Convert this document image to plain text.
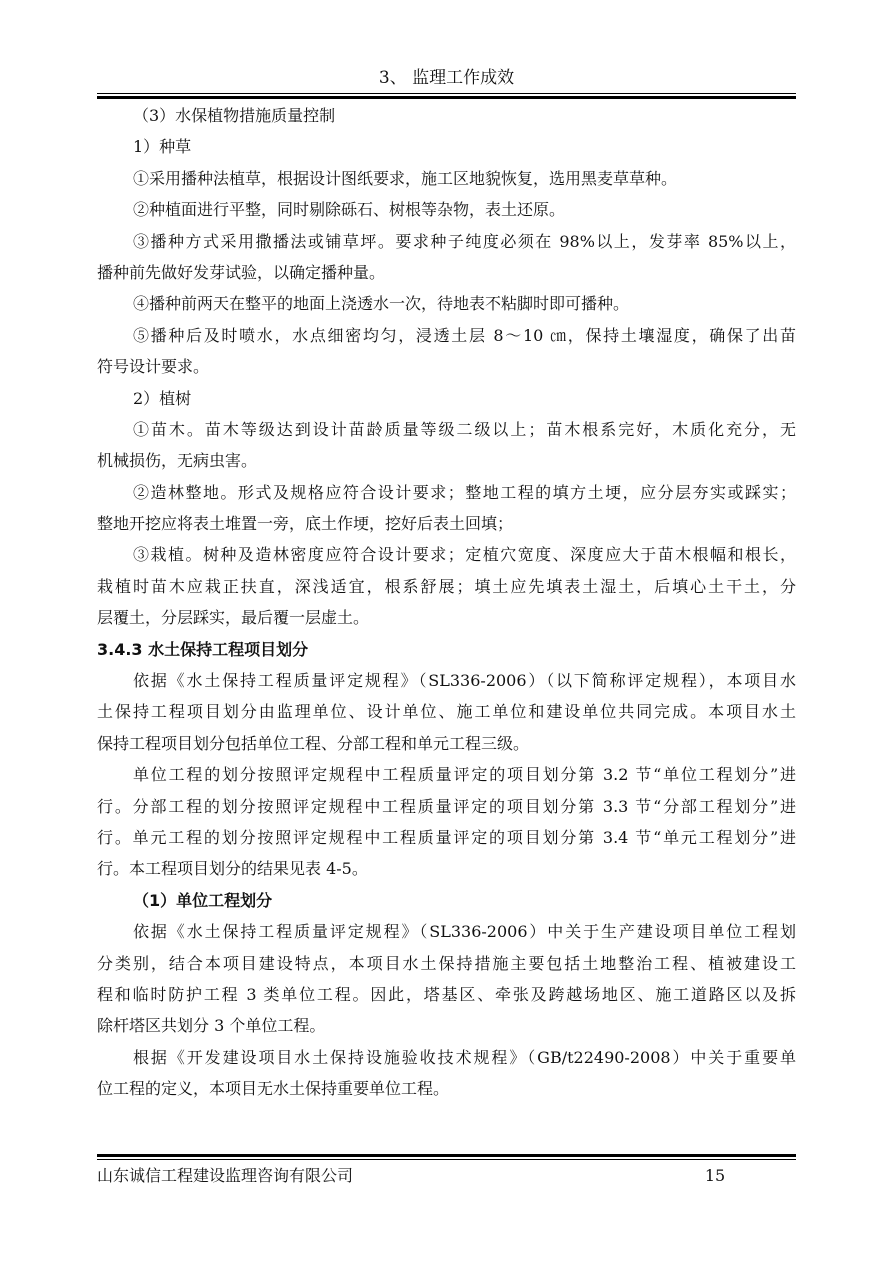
3、 监理工作成效
（3）水保植物措施质量控制
1）种草
①采用播种法植草，根据设计图纸要求，施工区地貌恢复，选用黑麦草草种。
②种植面进行平整，同时剔除砾石、树根等杂物，表土还原。
③播种方式采用撒播法或铺草坪。要求种子纯度必须在 98%以上，发芽率 85%以上，
播种前先做好发芽试验，以确定播种量。
④播种前两天在整平的地面上浇透水一次，待地表不粘脚时即可播种。
⑤播种后及时喷水，水点细密均匀，浸透土层 8～10 ㎝，保持土壤湿度，确保了出苗
符号设计要求。
2）植树
①苗木。苗木等级达到设计苗龄质量等级二级以上；苗木根系完好，木质化充分，无
机械损伤，无病虫害。
②造林整地。形式及规格应符合设计要求；整地工程的填方土埂，应分层夯实或踩实；
整地开挖应将表土堆置一旁，底土作埂，挖好后表土回填；
③栽植。树种及造林密度应符合设计要求；定植穴宽度、深度应大于苗木根幅和根长，
栽植时苗木应栽正扶直，深浅适宜，根系舒展；填土应先填表土湿土，后填心土干土，分
层覆土，分层踩实，最后覆一层虚土。
3.4.3 水土保持工程项目划分
依据《水土保持工程质量评定规程》（SL336-2006）（以下简称评定规程），本项目水
土保持工程项目划分由监理单位、设计单位、施工单位和建设单位共同完成。本项目水土
保持工程项目划分包括单位工程、分部工程和单元工程三级。
单位工程的划分按照评定规程中工程质量评定的项目划分第 3.2 节“单位工程划分”进
行。分部工程的划分按照评定规程中工程质量评定的项目划分第 3.3 节“分部工程划分”进
行。单元工程的划分按照评定规程中工程质量评定的项目划分第 3.4 节“单元工程划分”进
行。本工程项目划分的结果见表 4-5。
（1）单位工程划分
依据《水土保持工程质量评定规程》（SL336-2006）中关于生产建设项目单位工程划
分类别，结合本项目建设特点，本项目水土保持措施主要包括土地整治工程、植被建设工
程和临时防护工程 3 类单位工程。因此，塔基区、牵张及跨越场地区、施工道路区以及拆
除杆塔区共划分 3 个单位工程。
根据《开发建设项目水土保持设施验收技术规程》（GB/t22490-2008）中关于重要单
位工程的定义，本项目无水土保持重要单位工程。
山东诚信工程建设监理咨询有限公司	15
